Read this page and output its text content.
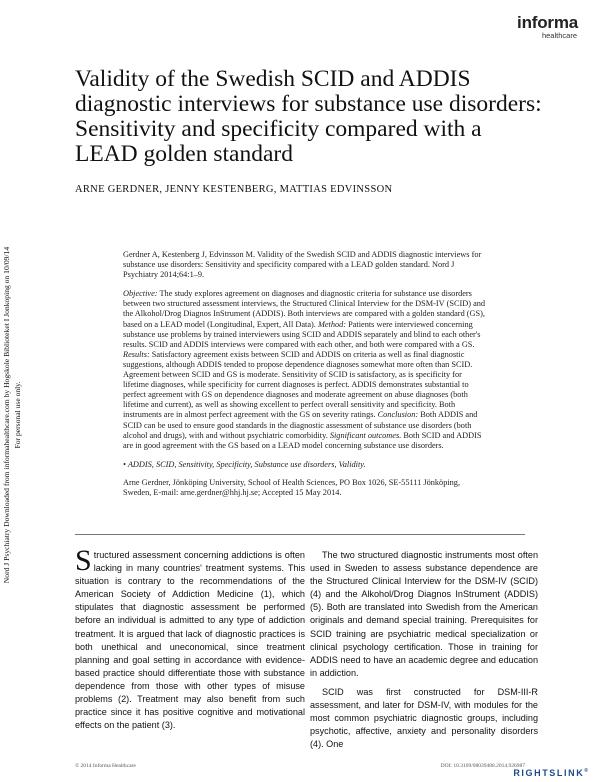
informa
healthcare
Nord J Psychiatry Downloaded from informahealthcare.com by Hogskole Biblioteket I Jonkoping on 10/09/14 For personal use only.
Validity of the Swedish SCID and ADDIS diagnostic interviews for substance use disorders: Sensitivity and specificity compared with a LEAD golden standard
ARNE GERDNER, JENNY KESTENBERG, MATTIAS EDVINSSON

Gerdner A, Kestenberg J, Edvinsson M. Validity of the Swedish SCID and ADDIS diagnostic interviews for substance use disorders: Sensitivity and specificity compared with a LEAD golden standard. Nord J Psychiatry 2014;64:1–9.

Objective: The study explores agreement on diagnoses and diagnostic criteria for substance use disorders between two structured assessment interviews, the Structured Clinical Interview for the DSM-IV (SCID) and the Alkohol/Drog Diagnos InStrument (ADDIS). Both interviews are compared with a golden standard (GS), based on a LEAD model (Longitudinal, Expert, All Data). Method: Patients were interviewed concerning substance use problems by trained interviewers using SCID and ADDIS separately and blind to each other's results. SCID and ADDIS interviews were compared with each other, and both were compared with a GS. Results: Satisfactory agreement exists between SCID and ADDIS on criteria as well as final diagnostic suggestions, although ADDIS tended to propose dependence diagnoses somewhat more often than SCID. Agreement between SCID and GS is moderate. Sensitivity of SCID is satisfactory, as is specificity for lifetime diagnoses, while specificity for current diagnoses is perfect. ADDIS demonstrates substantial to perfect agreement with GS on dependence diagnoses and moderate agreement on abuse diagnoses (both lifetime and current), as well as showing excellent to perfect overall sensitivity and specificity. Both instruments are in almost perfect agreement with the GS on severity ratings. Conclusion: Both ADDIS and SCID can be used to ensure good standards in the diagnostic assessment of substance use disorders (both alcohol and drugs), with and without psychiatric comorbidity. Significant outcomes. Both SCID and ADDIS are in good agreement with the GS based on a LEAD model concerning substance use disorders.

• ADDIS, SCID, Sensitivity, Specificity, Substance use disorders, Validity.

Arne Gerdner, Jönköping University, School of Health Sciences, PO Box 1026, SE-55111 Jönköping, Sweden, E-mail: arne.gerdner@hhj.hj.se; Accepted 15 May 2014.

Structured assessment concerning addictions is often lacking in many countries' treatment systems. This situation is contrary to the recommendations of the American Society of Addiction Medicine (1), which stipulates that diagnostic assessment be performed before an individual is admitted to any type of addiction treatment. It is argued that lack of diagnostic practices is both unethical and uneconomical, since treatment planning and goal setting in accordance with evidence-based practice should differentiate those with substance dependence from those with other types of misuse problems (2). Treatment may also benefit from such practice since it has positive cognitive and motivational effects on the patient (3).

The two structured diagnostic instruments most often used in Sweden to assess substance dependence are the Structured Clinical Interview for the DSM-IV (SCID) (4) and the Alkohol/Drog Diagnos InStrument (ADDIS) (5). Both are translated into Swedish from the American originals and demand special training. Prerequisites for SCID training are psychiatric medical specialization or clinical psychology certification. Those in training for ADDIS need to have an academic degree and education in addiction.

SCID was first constructed for DSM-III-R assessment, and later for DSM-IV, with modules for the most common psychiatric diagnostic groups, including psychotic, affective, anxiety and personality disorders (4). One

© 2014 Informa Healthcare	DOI: 10.3109/08039488.2014.926987
RIGHTSLINK®
